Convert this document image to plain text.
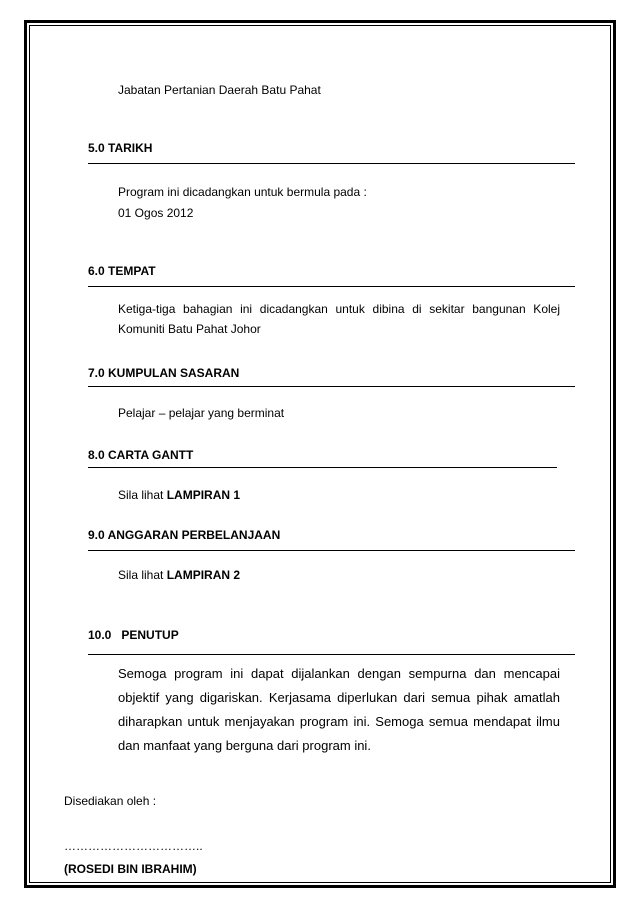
Jabatan Pertanian Daerah Batu Pahat
5.0 TARIKH
Program ini dicadangkan untuk bermula pada :
01 Ogos 2012
6.0 TEMPAT
Ketiga-tiga bahagian ini dicadangkan untuk dibina di sekitar bangunan Kolej Komuniti Batu Pahat Johor
7.0 KUMPULAN SASARAN
Pelajar – pelajar yang berminat
8.0 CARTA GANTT
Sila lihat LAMPIRAN 1
9.0 ANGGARAN PERBELANJAAN
Sila lihat LAMPIRAN 2
10.0   PENUTUP
Semoga program ini dapat dijalankan dengan sempurna dan mencapai objektif yang digariskan. Kerjasama diperlukan dari semua pihak amatlah diharapkan untuk menjayakan program ini. Semoga semua mendapat ilmu dan manfaat yang berguna dari program ini.
Disediakan oleh :
……………………………..
(ROSEDI BIN IBRAHIM)
